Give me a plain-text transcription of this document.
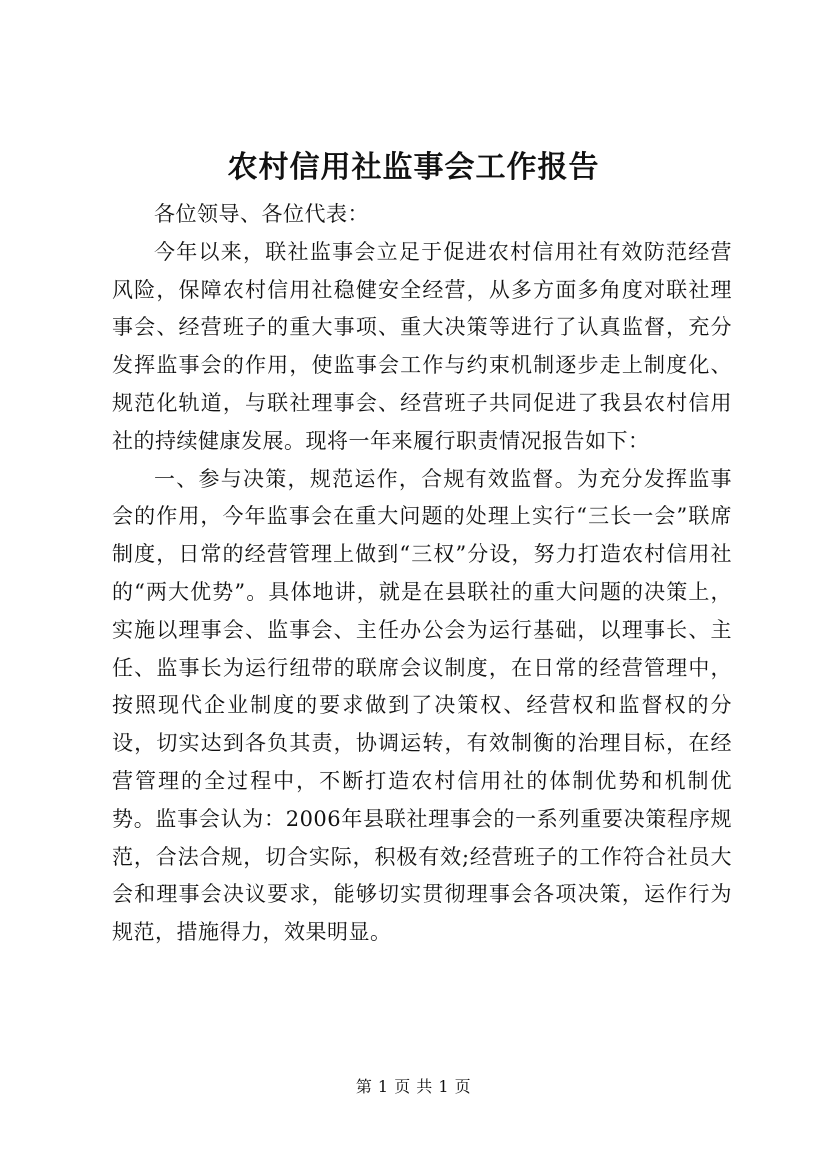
农村信用社监事会工作报告

各位领导、各位代表：

今年以来，联社监事会立足于促进农村信用社有效防范经营风险，保障农村信用社稳健安全经营，从多方面多角度对联社理事会、经营班子的重大事项、重大决策等进行了认真监督，充分发挥监事会的作用，使监事会工作与约束机制逐步走上制度化、规范化轨道，与联社理事会、经营班子共同促进了我县农村信用社的持续健康发展。现将一年来履行职责情况报告如下：

一、参与决策，规范运作，合规有效监督。为充分发挥监事会的作用，今年监事会在重大问题的处理上实行“三长一会”联席制度，日常的经营管理上做到“三权”分设，努力打造农村信用社的“两大优势”。具体地讲，就是在县联社的重大问题的决策上，实施以理事会、监事会、主任办公会为运行基础，以理事长、主任、监事长为运行纽带的联席会议制度，在日常的经营管理中，按照现代企业制度的要求做到了决策权、经营权和监督权的分设，切实达到各负其责，协调运转，有效制衡的治理目标，在经营管理的全过程中，不断打造农村信用社的体制优势和机制优势。监事会认为：2006年县联社理事会的一系列重要决策程序规范，合法合规，切合实际，积极有效;经营班子的工作符合社员大会和理事会决议要求，能够切实贯彻理事会各项决策，运作行为规范，措施得力，效果明显。

第 1 页 共 1 页
